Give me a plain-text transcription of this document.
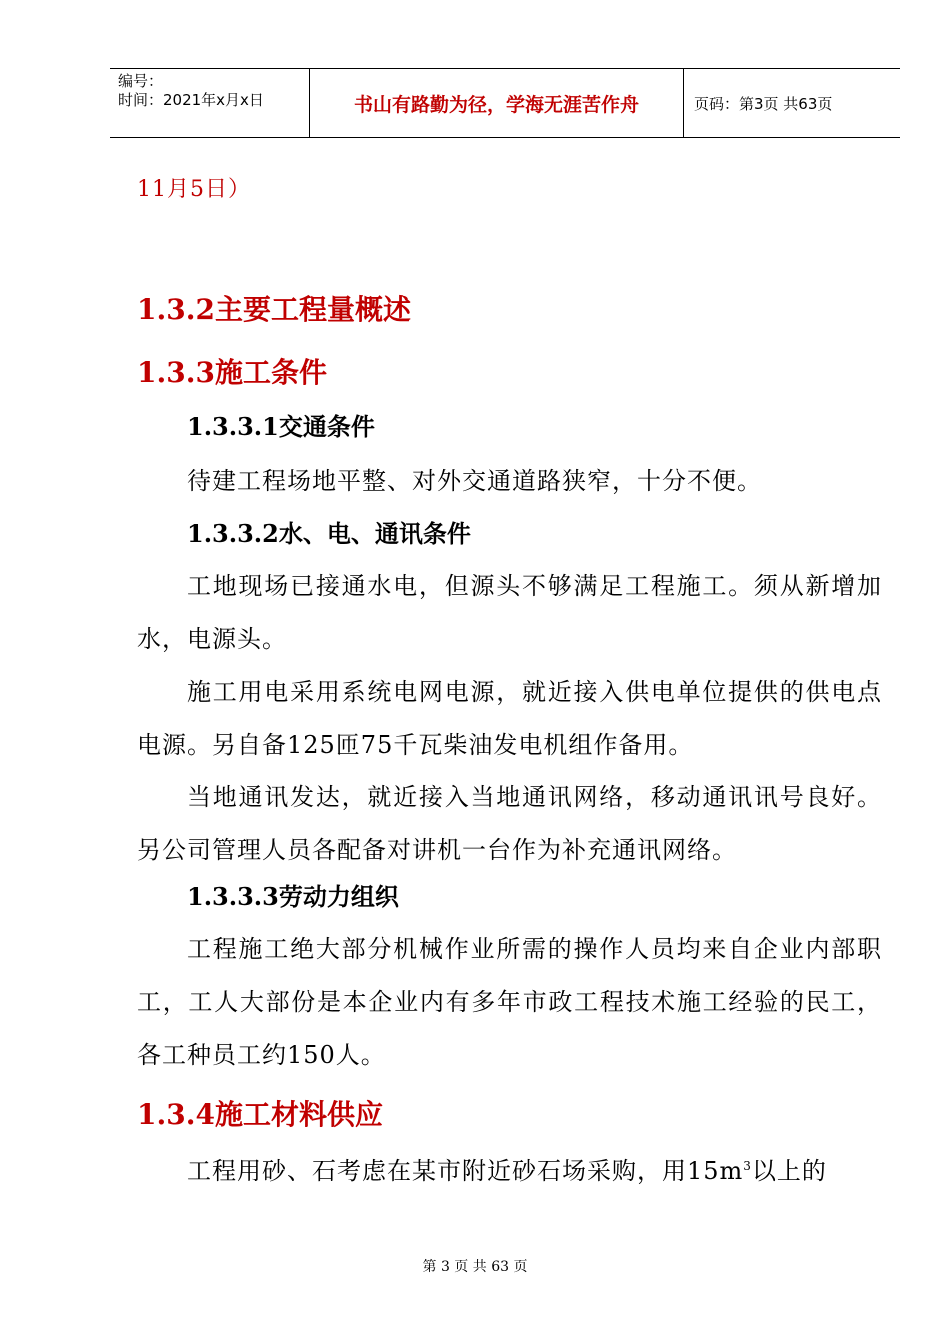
编号：
时间：2021年x月x日	书山有路勤为径，学海无涯苦作舟	页码：第3页 共63页
11月5日）
1.3.2主要工程量概述
1.3.3施工条件
1.3.3.1交通条件
待建工程场地平整、对外交通道路狭窄，十分不便。
1.3.3.2水、电、通讯条件
工地现场已接通水电，但源头不够满足工程施工。须从新增加水，电源头。
施工用电采用系统电网电源，就近接入供电单位提供的供电点电源。另自备125匝75千瓦柴油发电机组作备用。
当地通讯发达，就近接入当地通讯网络，移动通讯讯号良好。另公司管理人员各配备对讲机一台作为补充通讯网络。
1.3.3.3劳动力组织
工程施工绝大部分机械作业所需的操作人员均来自企业内部职工，工人大部份是本企业内有多年市政工程技术施工经验的民工，各工种员工约150人。
1.3.4施工材料供应
工程用砂、石考虑在某市附近砂石场采购，用$15m^3$以上的
第 3 页 共 63 页
